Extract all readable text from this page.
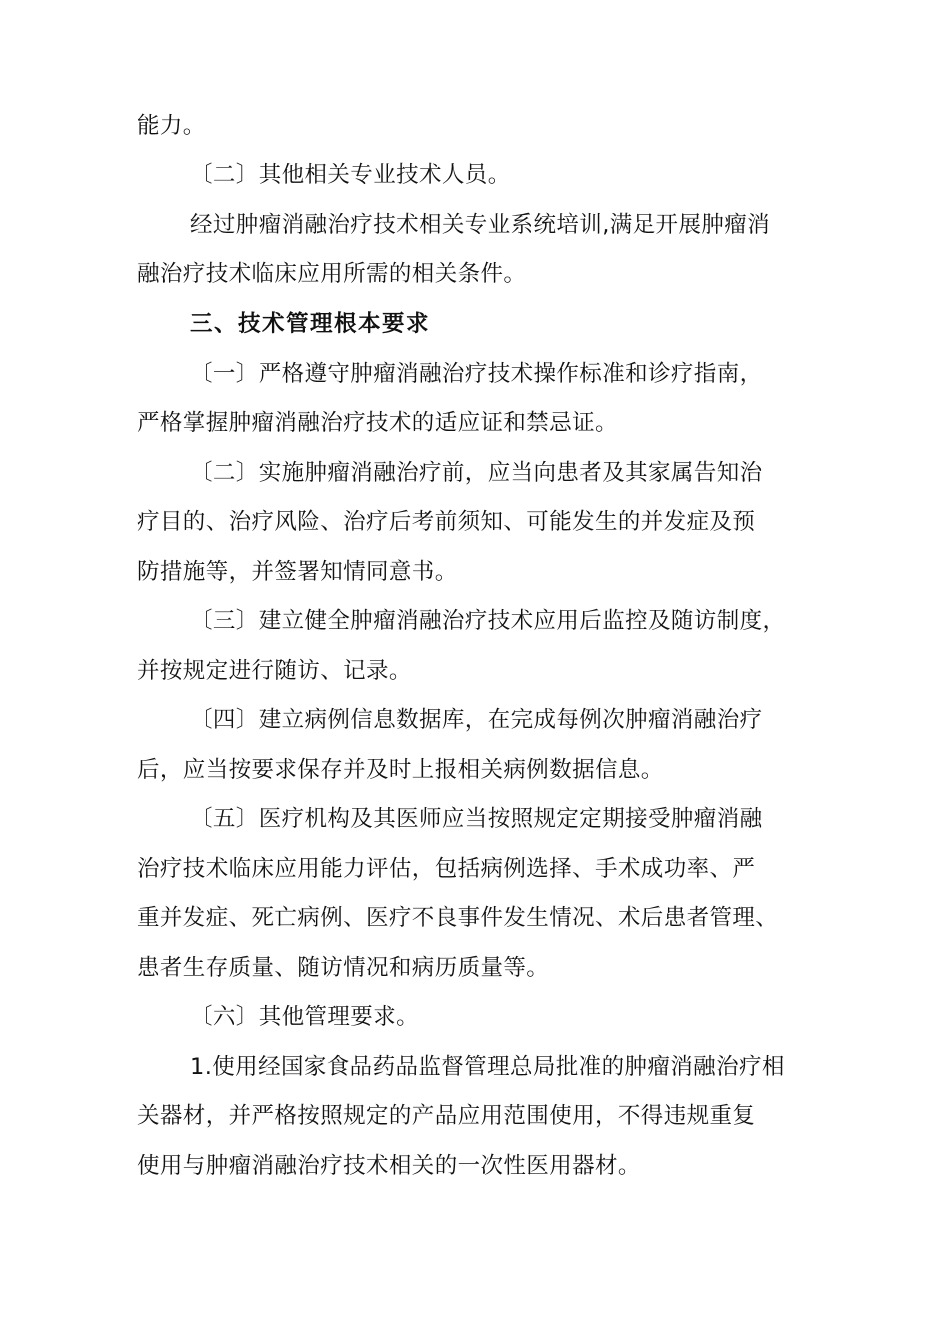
能力。
〔二〕其他相关专业技术人员。
经过肿瘤消融治疗技术相关专业系统培训,满足开展肿瘤消
融治疗技术临床应用所需的相关条件。
三、技术管理根本要求
〔一〕严格遵守肿瘤消融治疗技术操作标准和诊疗指南，
严格掌握肿瘤消融治疗技术的适应证和禁忌证。
〔二〕实施肿瘤消融治疗前，应当向患者及其家属告知治
疗目的、治疗风险、治疗后考前须知、可能发生的并发症及预
防措施等，并签署知情同意书。
〔三〕建立健全肿瘤消融治疗技术应用后监控及随访制度，
并按规定进行随访、记录。
〔四〕建立病例信息数据库，在完成每例次肿瘤消融治疗
后，应当按要求保存并及时上报相关病例数据信息。
〔五〕医疗机构及其医师应当按照规定定期接受肿瘤消融
治疗技术临床应用能力评估，包括病例选择、手术成功率、严
重并发症、死亡病例、医疗不良事件发生情况、术后患者管理、
患者生存质量、随访情况和病历质量等。
〔六〕其他管理要求。
1.使用经国家食品药品监督管理总局批准的肿瘤消融治疗相
关器材，并严格按照规定的产品应用范围使用，不得违规重复
使用与肿瘤消融治疗技术相关的一次性医用器材。
